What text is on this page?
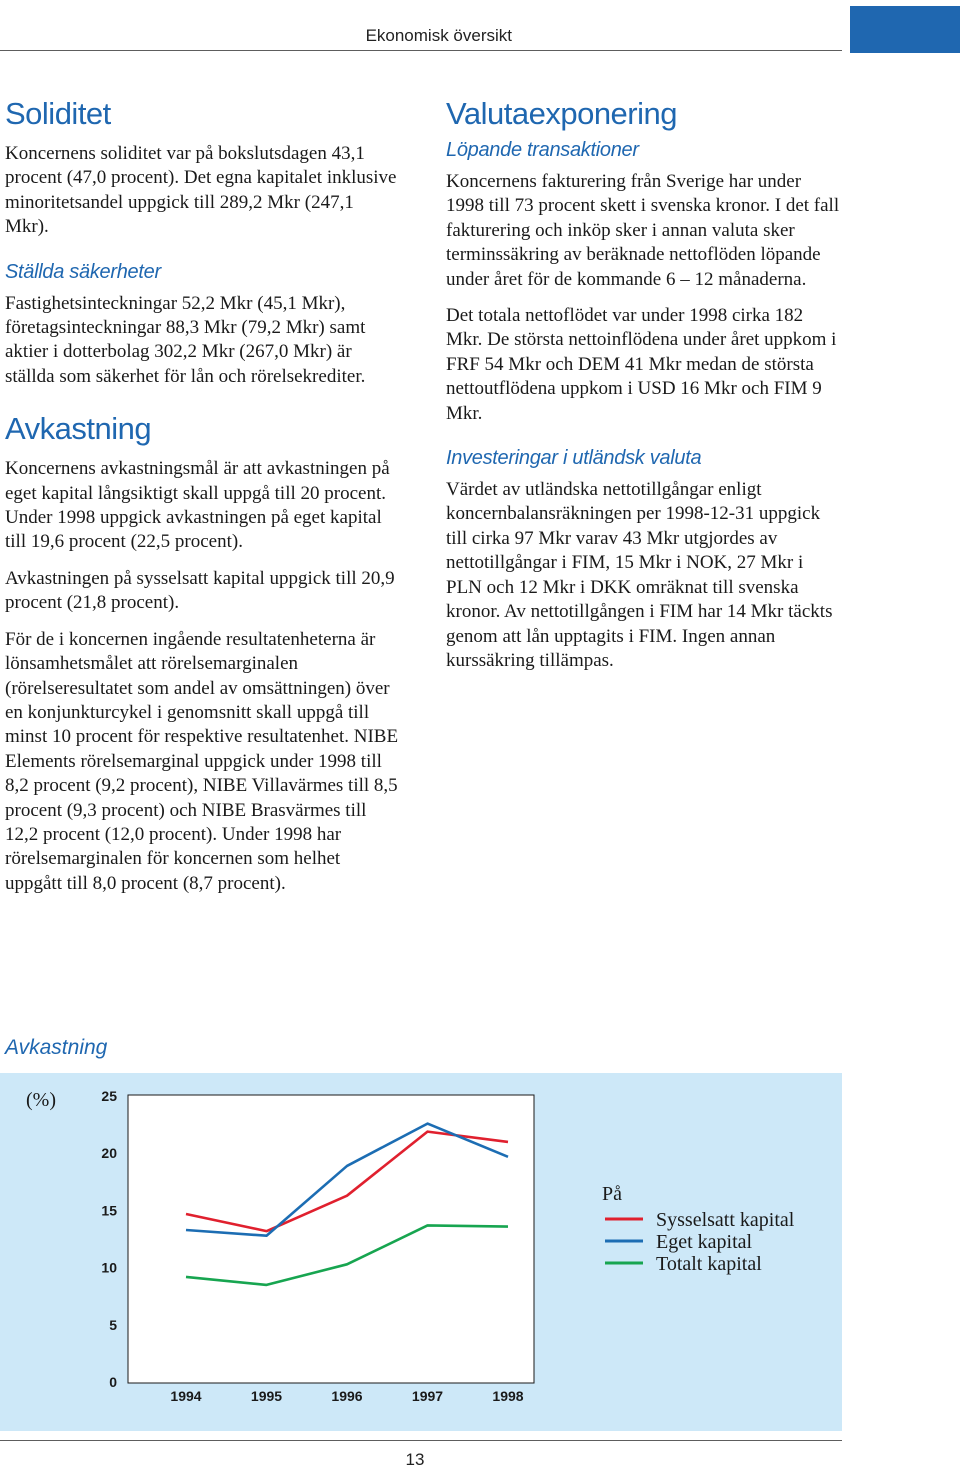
Ekonomisk översikt
Soliditet

Koncernens soliditet var på bokslutsdagen 43,1 procent (47,0 procent). Det egna kapitalet inklusive minoritetsandel uppgick till 289,2 Mkr (247,1 Mkr).

Ställda säkerheter

Fastighetsinteckningar 52,2 Mkr (45,1 Mkr), företagsinteckningar 88,3 Mkr (79,2 Mkr) samt aktier i dotterbolag 302,2 Mkr (267,0 Mkr) är ställda som säkerhet för lån och rörelsekrediter.

Avkastning

Koncernens avkastningsmål är att avkastningen på eget kapital långsiktigt skall uppgå till 20 procent. Under 1998 uppgick avkastningen på eget kapital till 19,6 procent (22,5 procent).

Avkastningen på sysselsatt kapital uppgick till 20,9 procent (21,8 procent).

För de i koncernen ingående resultatenheterna är lönsamhetsmålet att rörelsemarginalen (rörelseresultatet som andel av omsättningen) över en konjunkturcykel i genomsnitt skall uppgå till minst 10 procent för respektive resultatenhet. NIBE Elements rörelsemarginal uppgick under 1998 till 8,2 procent (9,2 procent), NIBE Villavärmes till 8,5 procent (9,3 procent) och NIBE Brasvärmes till 12,2 procent (12,0 procent). Under 1998 har rörelsemarginalen för koncernen som helhet uppgått till 8,0 procent (8,7 procent).

Valutaexponering
Löpande transaktioner

Koncernens fakturering från Sverige har under 1998 till 73 procent skett i svenska kronor. I det fall fakturering och inköp sker i annan valuta sker terminssäkring av beräknade nettoflöden löpande under året för de kommande 6 – 12 månaderna.

Det totala nettoflödet var under 1998 cirka 182 Mkr. De största nettoinflödena under året uppkom i FRF 54 Mkr och DEM 41 Mkr medan de största nettoutflödena uppkom i USD 16 Mkr och FIM 9 Mkr.

Investeringar i utländsk valuta

Värdet av utländska nettotillgångar enligt koncernbalansräkningen per 1998-12-31 uppgick till cirka 97 Mkr varav 43 Mkr utgjordes av nettotillgångar i FIM, 15 Mkr i NOK, 27 Mkr i PLN och 12 Mkr i DKK omräknat till svenska kronor. Av nettotillgången i FIM har 14 Mkr täckts genom att lån upptagits i FIM. Ingen annan kurssäkring tillämpas.

Avkastning
(%)
0
5
10
15
20
25
1994	1995	1996	1997	1998
På
Sysselsatt kapital
Eget kapital
Totalt kapital
13
